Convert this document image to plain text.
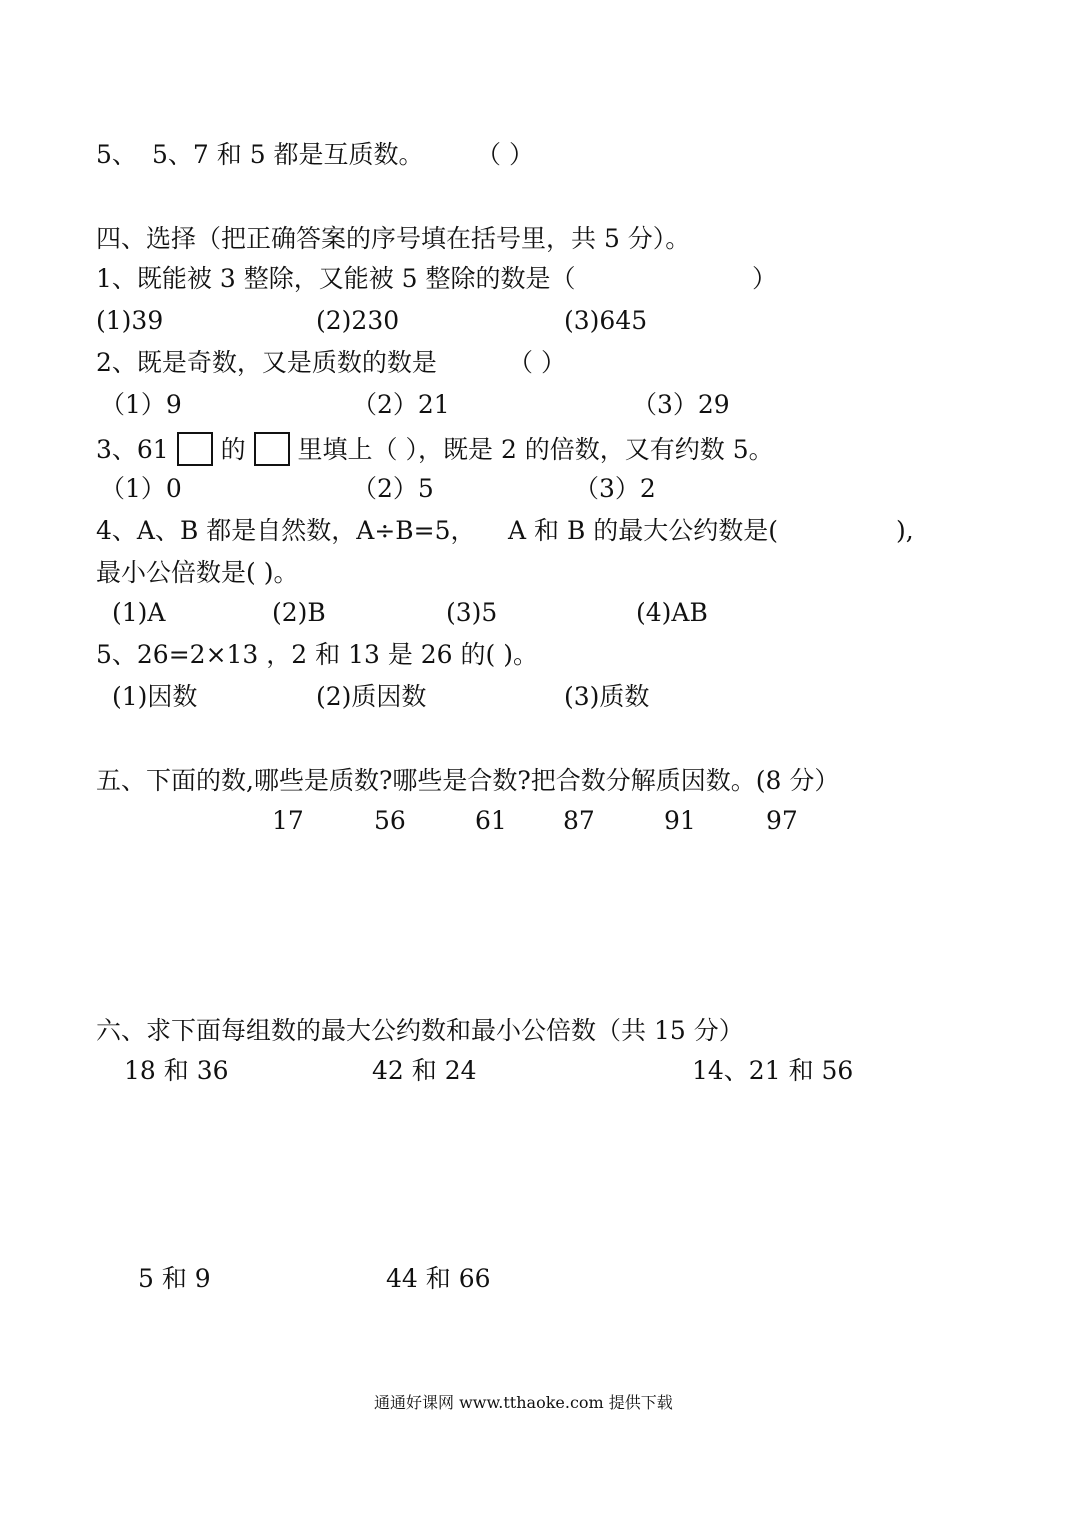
5、 5、7 和 5 都是互质数。 （ ）
四、选择（把正确答案的序号填在括号里，共 5 分）。
1、既能被 3 整除，又能被 5 整除的数是（	）
(1)39	(2)230	(3)645
2、既是奇数，又是质数的数是	（ ）
（1）9	（2）21	（3）29
3、61 的 里填上（ ），既是 2 的倍数，又有约数 5。
（1）0	（2）5	（3）2
4、A、B 都是自然数，A÷B=5， A 和 B 的最大公约数是(	),
最小公倍数是( )。
(1)A	(2)B	(3)5	(4)AB
5、26=2×13 ，2 和 13 是 26 的( )。
(1)因数	(2)质因数	(3)质数
五、下面的数,哪些是质数?哪些是合数?把合数分解质因数。(8 分）
17	56	61 87	91	97
六、求下面每组数的最大公约数和最小公倍数（共 15 分）
18 和 36	42 和 24	14、21 和 56
5 和 9	44 和 66
通通好课网 www.tthaoke.com 提供下载
